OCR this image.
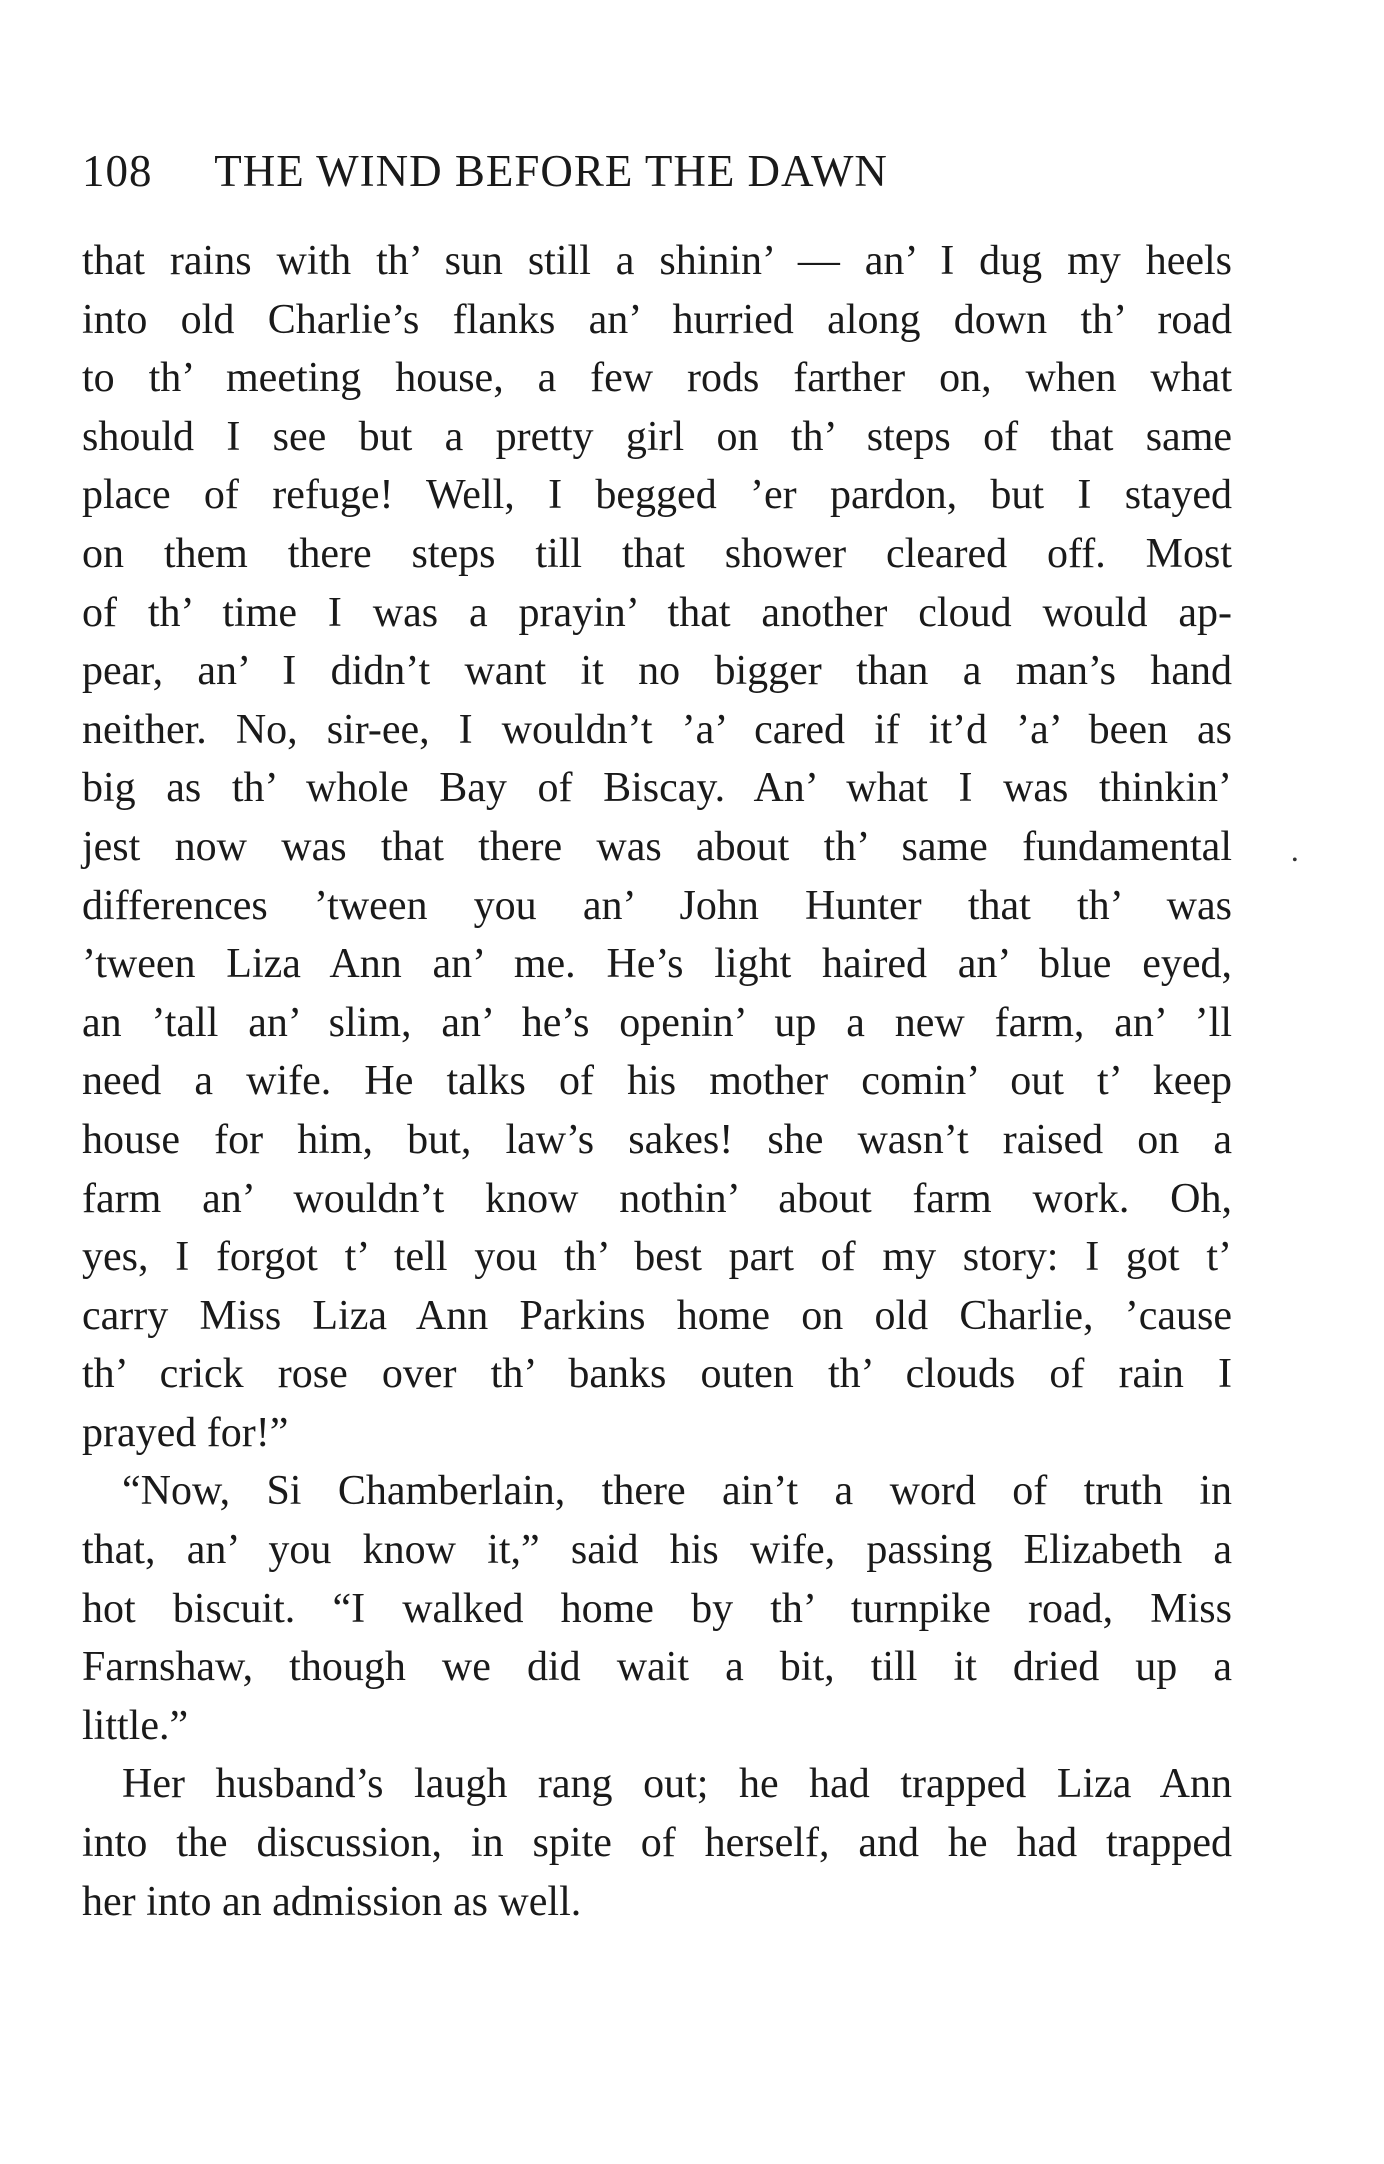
108 THE WIND BEFORE THE DAWN
that rains with th’ sun still a shinin’ — an’ I dug my heels
into old Charlie’s flanks an’ hurried along down th’ road
to th’ meeting house, a few rods farther on, when what
should I see but a pretty girl on th’ steps of that same
place of refuge! Well, I begged ’er pardon, but I stayed
on them there steps till that shower cleared off. Most
of th’ time I was a prayin’ that another cloud would ap-
pear, an’ I didn’t want it no bigger than a man’s hand
neither. No, sir-ee, I wouldn’t ’a’ cared if it’d ’a’ been as
big as th’ whole Bay of Biscay. An’ what I was thinkin’
jest now was that there was about th’ same fundamental
differences ’tween you an’ John Hunter that th’ was
’tween Liza Ann an’ me. He’s light haired an’ blue eyed,
an ’tall an’ slim, an’ he’s openin’ up a new farm, an’ ’ll
need a wife. He talks of his mother comin’ out t’ keep
house for him, but, law’s sakes! she wasn’t raised on a
farm an’ wouldn’t know nothin’ about farm work. Oh,
yes, I forgot t’ tell you th’ best part of my story: I got t’
carry Miss Liza Ann Parkins home on old Charlie, ’cause
th’ crick rose over th’ banks outen th’ clouds of rain I
prayed for!”
“Now, Si Chamberlain, there ain’t a word of truth in
that, an’ you know it,” said his wife, passing Elizabeth a
hot biscuit. “I walked home by th’ turnpike road, Miss
Farnshaw, though we did wait a bit, till it dried up a
little.”
Her husband’s laugh rang out; he had trapped Liza Ann
into the discussion, in spite of herself, and he had trapped
her into an admission as well.
•
